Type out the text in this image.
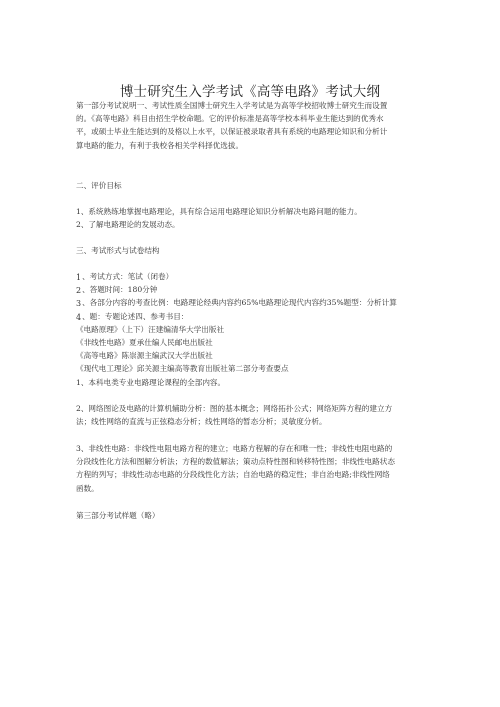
博士研究生入学考试《高等电路》考试大纲

第一部分考试说明一、考试性质全国博士研究生入学考试是为高等学校招收博士研究生而设置

的。《高等电路》科目由招生学校命题。它的评价标准是高等学校本科毕业生能达到的优秀水

平，或硕士毕业生能达到的及格以上水平，以保证被录取者具有系统的电路理论知识和分析计

算电路的能力，有利于我校各相关学科择优选拔。

二、评价目标

1、系统熟练地掌握电路理论，具有综合运用电路理论知识分析解决电路问题的能力。

2、了解电路理论的发展动态。

三、考试形式与试卷结构

1、考试方式：笔试（闭卷）

2、答题时间：180分钟

3、各部分内容的考查比例：电路理论经典内容约65%电路理论现代内容约35%题型：分析计算

4、题：专题论述四、参考书目：

《电路原理》（上下）汪建编清华大学出版社

《非线性电路》夏承仕编人民邮电出版社

《高等电路》陈崇源主编武汉大学出版社

《现代电工理论》邱关源主编高等教育出版社第二部分考查要点

1、本科电类专业电路理论课程的全部内容。

2、网络图论及电路的计算机辅助分析：图的基本概念；网络拓扑公式；网络矩阵方程的建立方

法；线性网络的直流与正弦稳态分析；线性网络的暂态分析；灵敏度分析。

3、非线性电路：非线性电阻电路方程的建立；电路方程解的存在和唯一性；非线性电阻电路的

分段线性化方法和图解分析法；方程的数值解法；策动点特性图和转移特性图；非线性电路状态

方程的列写；非线性动态电路的分段线性化方法；自治电路的稳定性；非自治电路;非线性网络

函数。

第三部分考试样题（略）
